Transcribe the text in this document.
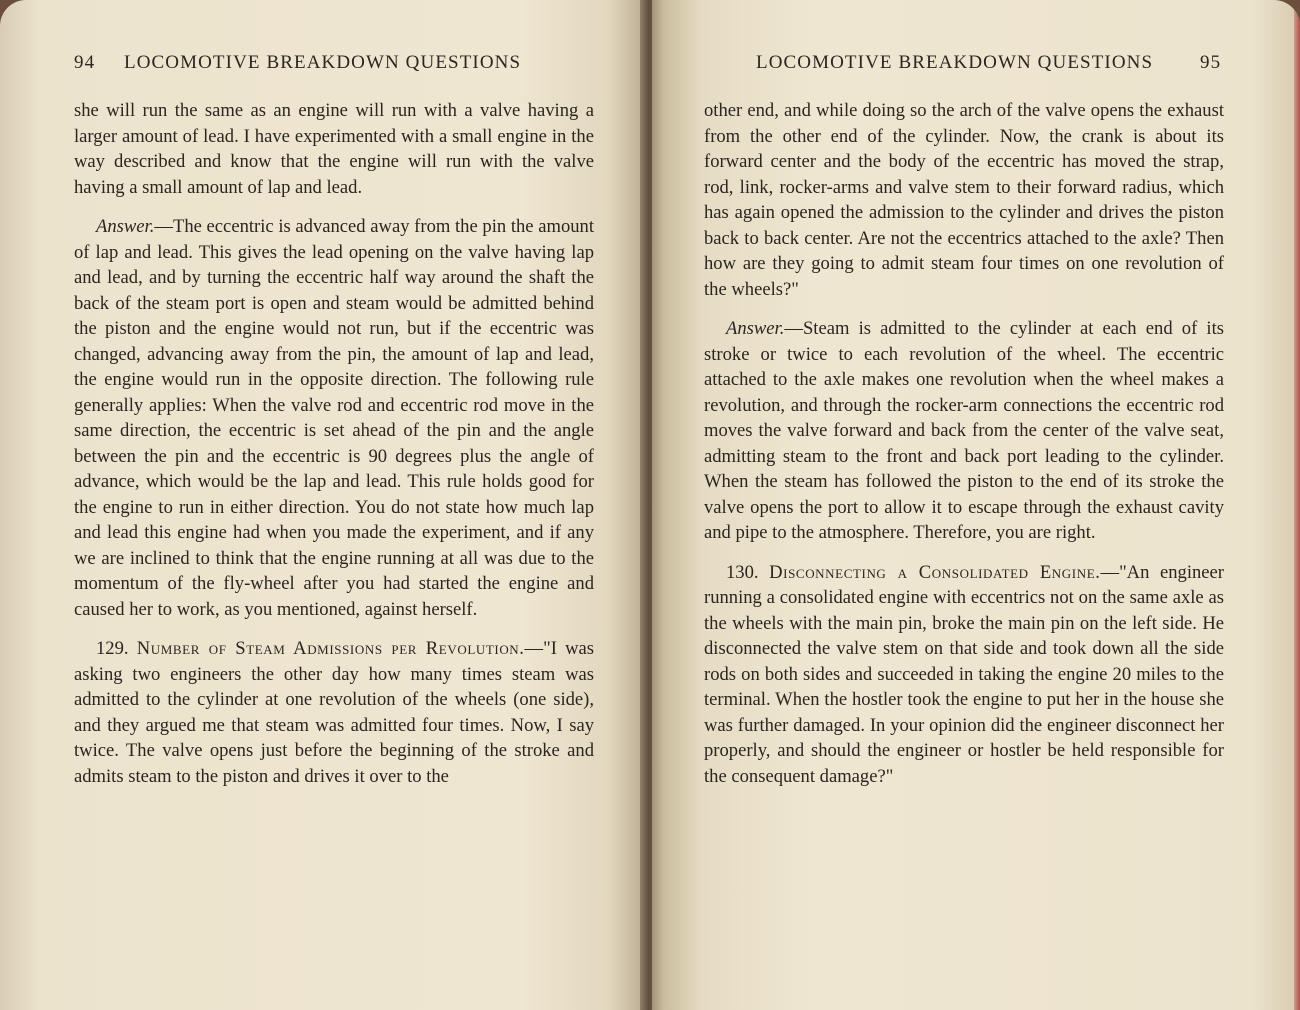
94 LOCOMOTIVE BREAKDOWN QUESTIONS

she will run the same as an engine will run with a valve having a larger amount of lead. I have experimented with a small engine in the way described and know that the engine will run with the valve having a small amount of lap and lead.

Answer.—The eccentric is advanced away from the pin the amount of lap and lead. This gives the lead opening on the valve having lap and lead, and by turning the eccentric half way around the shaft the back of the steam port is open and steam would be admitted behind the piston and the engine would not run, but if the eccentric was changed, advancing away from the pin, the amount of lap and lead, the engine would run in the opposite direction. The following rule generally applies: When the valve rod and eccentric rod move in the same direction, the eccentric is set ahead of the pin and the angle between the pin and the eccentric is 90 degrees plus the angle of advance, which would be the lap and lead. This rule holds good for the engine to run in either direction. You do not state how much lap and lead this engine had when you made the experiment, and if any we are inclined to think that the engine running at all was due to the momentum of the fly-wheel after you had started the engine and caused her to work, as you mentioned, against herself.

129. Number of Steam Admissions per Revolution.—"I was asking two engineers the other day how many times steam was admitted to the cylinder at one revolution of the wheels (one side), and they argued me that steam was admitted four times. Now, I say twice. The valve opens just before the beginning of the stroke and admits steam to the piston and drives it over to the

LOCOMOTIVE BREAKDOWN QUESTIONS 95

other end, and while doing so the arch of the valve opens the exhaust from the other end of the cylinder. Now, the crank is about its forward center and the body of the eccentric has moved the strap, rod, link, rocker-arms and valve stem to their forward radius, which has again opened the admission to the cylinder and drives the piston back to back center. Are not the eccentrics attached to the axle? Then how are they going to admit steam four times on one revolution of the wheels?"

Answer.—Steam is admitted to the cylinder at each end of its stroke or twice to each revolution of the wheel. The eccentric attached to the axle makes one revolution when the wheel makes a revolution, and through the rocker-arm connections the eccentric rod moves the valve forward and back from the center of the valve seat, admitting steam to the front and back port leading to the cylinder. When the steam has followed the piston to the end of its stroke the valve opens the port to allow it to escape through the exhaust cavity and pipe to the atmosphere. Therefore, you are right.

130. Disconnecting a Consolidated Engine.—"An engineer running a consolidated engine with eccentrics not on the same axle as the wheels with the main pin, broke the main pin on the left side. He disconnected the valve stem on that side and took down all the side rods on both sides and succeeded in taking the engine 20 miles to the terminal. When the hostler took the engine to put her in the house she was further damaged. In your opinion did the engineer disconnect her properly, and should the engineer or hostler be held responsible for the consequent damage?"
